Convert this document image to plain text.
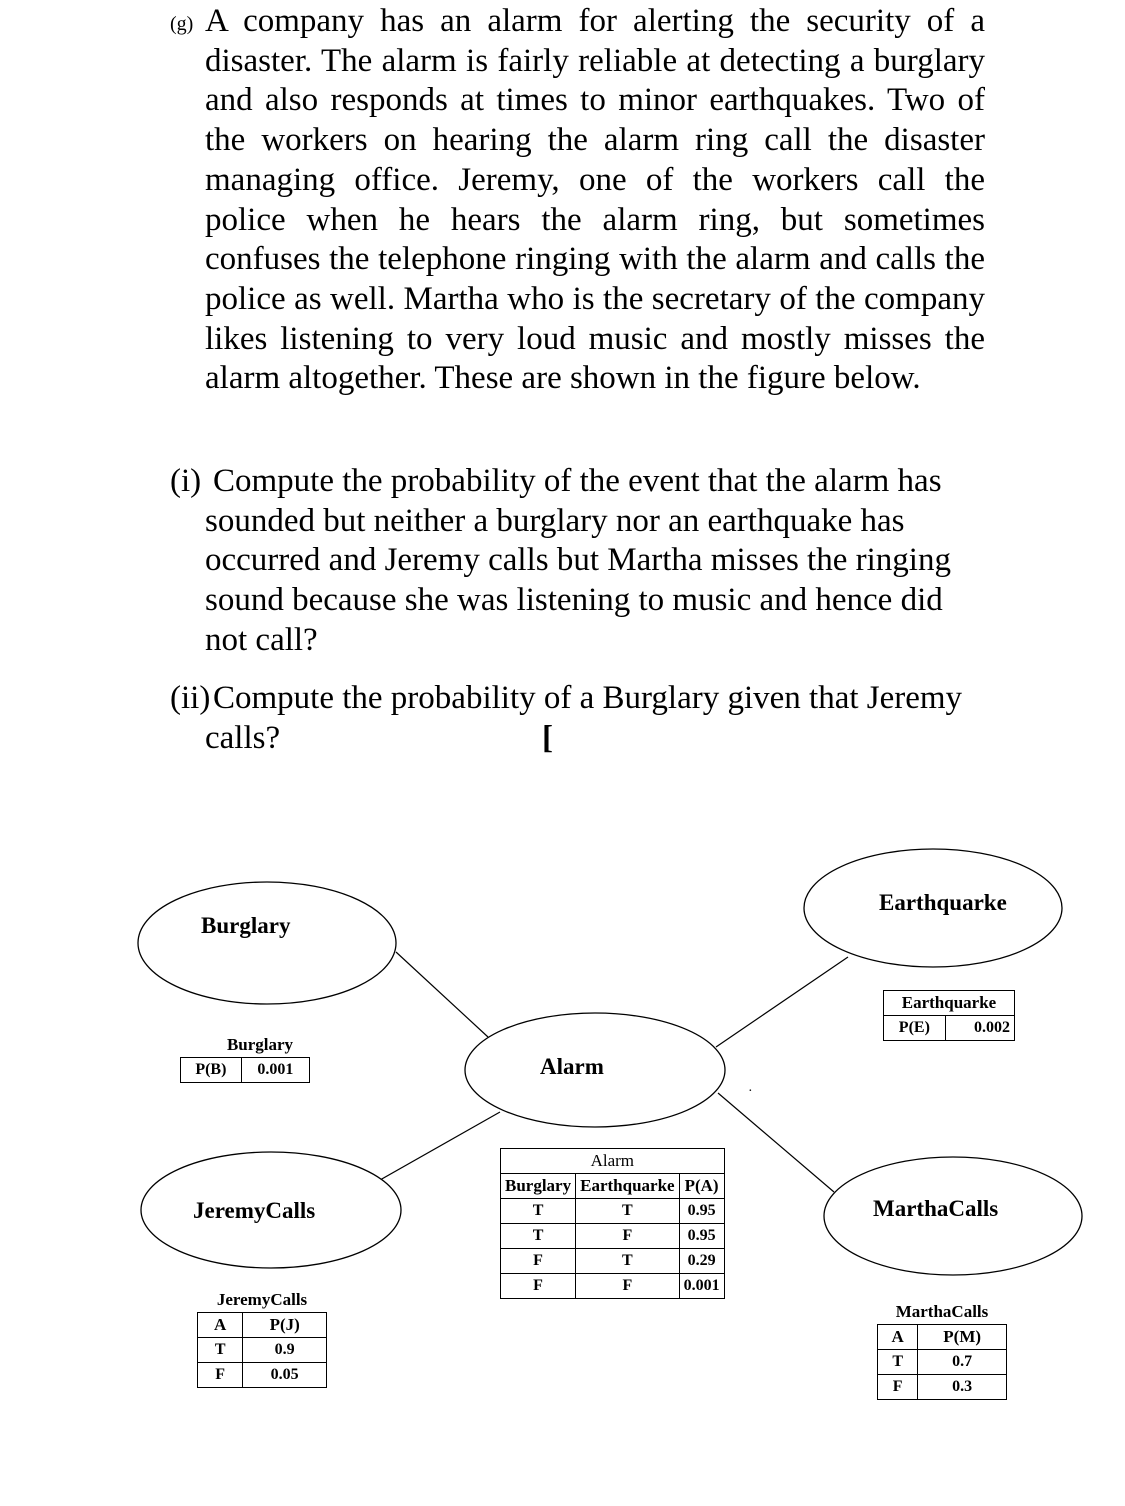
(g) A company has an alarm for alerting the security of a disaster. The alarm is fairly reliable at detecting a burglary and also responds at times to minor earthquakes. Two of the workers on hearing the alarm ring call the disaster managing office. Jeremy, one of the workers call the police when he hears the alarm ring, but sometimes confuses the telephone ringing with the alarm and calls the police as well. Martha who is the secretary of the company likes listening to very loud music and mostly misses the alarm altogether. These are shown in the figure below.

(i) Compute the probability of the event that the alarm has sounded but neither a burglary nor an earthquake has occurred and Jeremy calls but Martha misses the ringing sound because she was listening to music and hence did not call?
(ii) Compute the probability of a Burglary given that Jeremy calls?	[
Burglary
Earthquarke
Alarm
JeremyCalls	MarthaCalls
·
Burglary
P(B)	0.001
Earthquarke
P(E)	0.002
Alarm		
Burglary	Earthquarke	P(A)
T	T	0.95
T	F	0.95
F	T	0.29
F	F	0.001
JeremyCalls	
A	P(J)
T	0.9
F	0.05
MarthaCalls	
A	P(M)
T	0.7
F	0.3
